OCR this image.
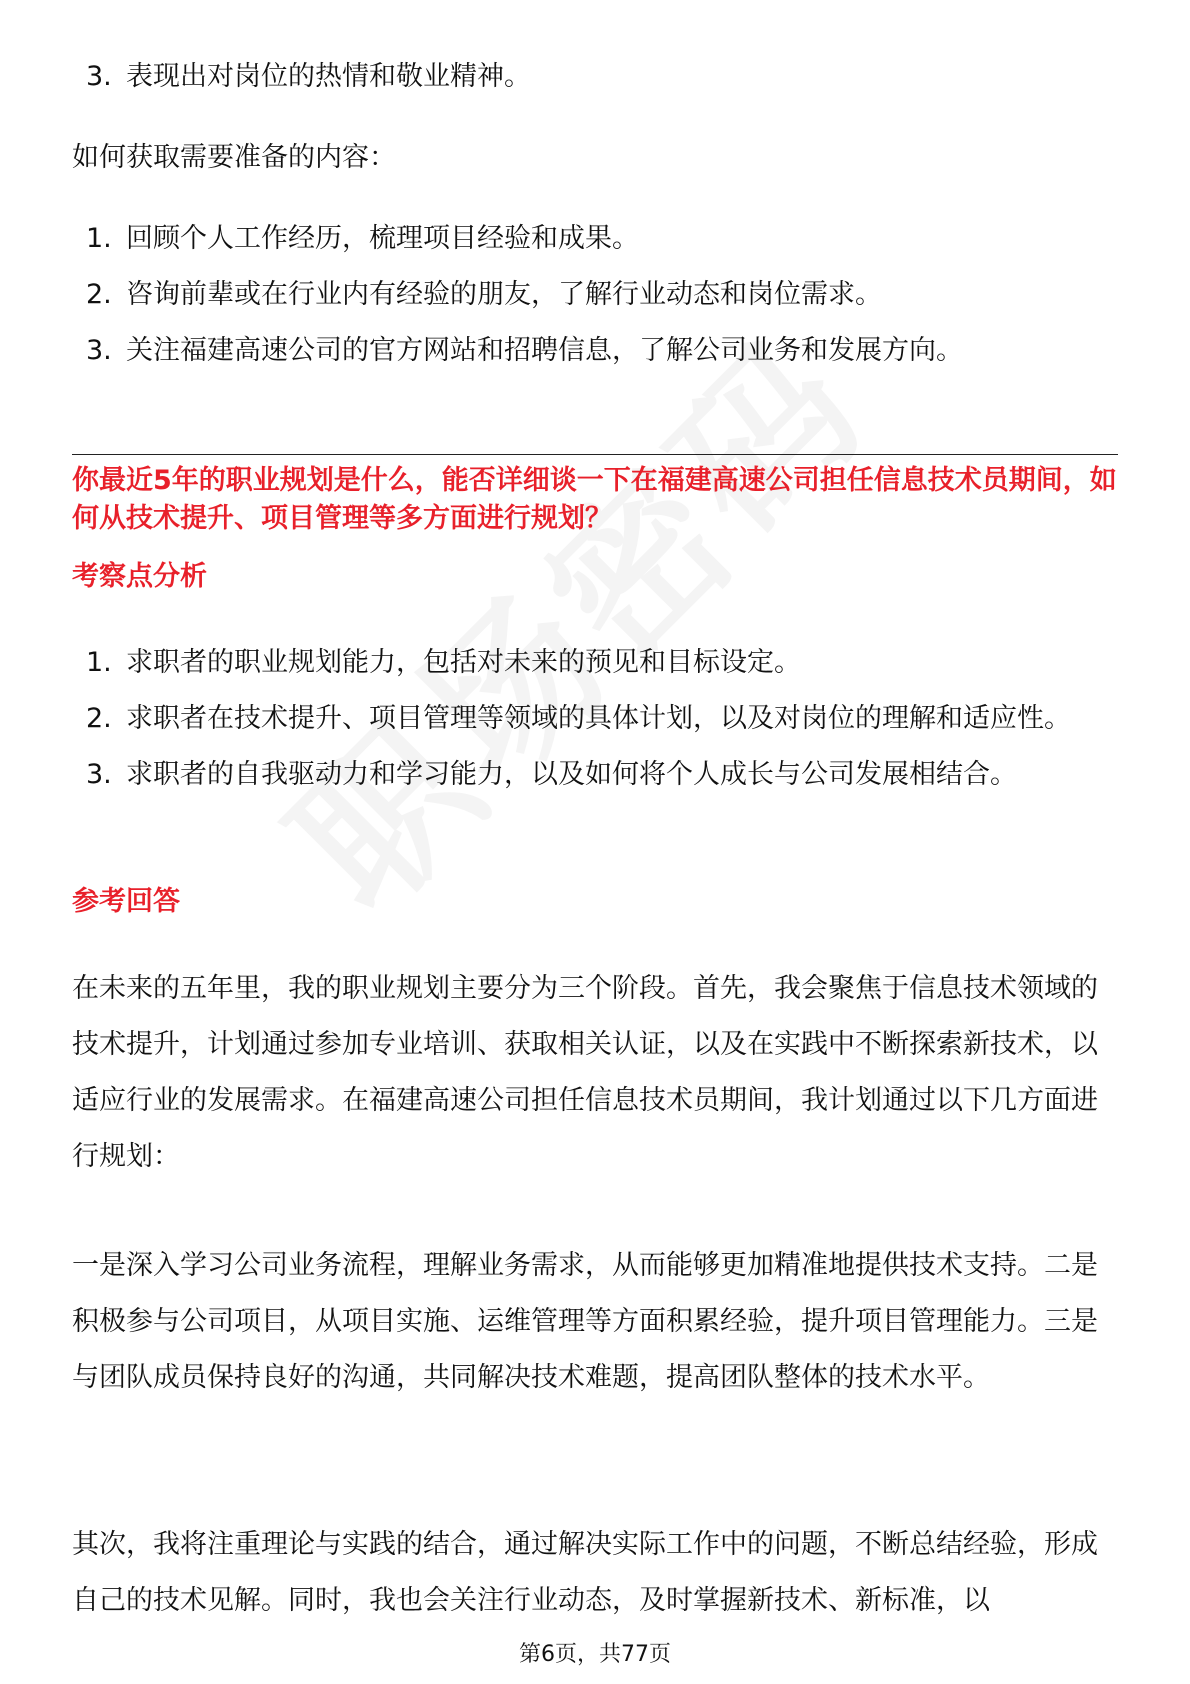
3. 表现出对岗位的热情和敬业精神。

如何获取需要准备的内容：

1. 回顾个人工作经历，梳理项目经验和成果。
2. 咨询前辈或在行业内有经验的朋友，了解行业动态和岗位需求。
3. 关注福建高速公司的官方网站和招聘信息，了解公司业务和发展方向。

你最近5年的职业规划是什么，能否详细谈一下在福建高速公司担任信息技术员期间，如何从技术提升、项目管理等多方面进行规划？

考察点分析

1. 求职者的职业规划能力，包括对未来的预见和目标设定。
2. 求职者在技术提升、项目管理等领域的具体计划，以及对岗位的理解和适应性。
3. 求职者的自我驱动力和学习能力，以及如何将个人成长与公司发展相结合。

参考回答

在未来的五年里，我的职业规划主要分为三个阶段。首先，我会聚焦于信息技术领域的技术提升，计划通过参加专业培训、获取相关认证，以及在实践中不断探索新技术，以适应行业的发展需求。在福建高速公司担任信息技术员期间，我计划通过以下几方面进行规划：

一是深入学习公司业务流程，理解业务需求，从而能够更加精准地提供技术支持。二是积极参与公司项目，从项目实施、运维管理等方面积累经验，提升项目管理能力。三是与团队成员保持良好的沟通，共同解决技术难题，提高团队整体的技术水平。

其次，我将注重理论与实践的结合，通过解决实际工作中的问题，不断总结经验，形成自己的技术见解。同时，我也会关注行业动态，及时掌握新技术、新标准，以

第6页，共77页
